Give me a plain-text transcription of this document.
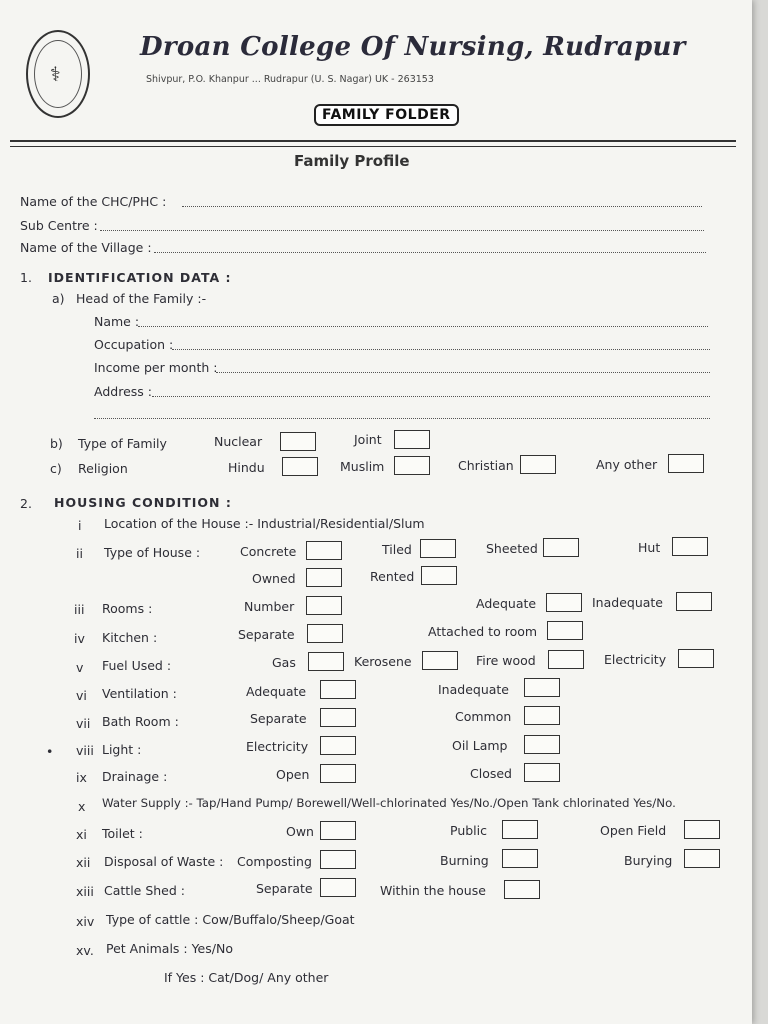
⚕
Droan College Of Nursing, Rudrapur
Shivpur, P.O. Khanpur ... Rudrapur (U. S. Nagar) UK - 263153
FAMILY FOLDER
Family Profile
Name of the CHC/PHC :
Sub Centre :
Name of the Village :
1. IDENTIFICATION DATA :
a) Head of the Family :-
Name :
Occupation :
Income per month :
Address :
b) Type of Family	Nuclear	Joint
c) Religion	Hindu	Muslim	Christian	Any other
2. HOUSING CONDITION :
i Location of the House :- Industrial/Residential/Slum
ii Type of House :	Concrete	Tiled	Sheeted	Hut
Owned	Rented
iii Rooms :	Number	Adequate	Inadequate
iv Kitchen :	Separate	Attached to room
v Fuel Used :	Gas	Kerosene	Fire wood	Electricity
vi Ventilation :	Adequate	Inadequate
vii Bath Room :	Separate	Common
• viii Light :	Electricity	Oil Lamp
ix Drainage :	Open	Closed
x Water Supply :- Tap/Hand Pump/ Borewell/Well-chlorinated Yes/No./Open Tank chlorinated Yes/No.
xi Toilet :	Own	Public	Open Field
xii Disposal of Waste : Composting	Burning	Burying
xiii Cattle Shed :	Separate	Within the house
xiv Type of cattle : Cow/Buffalo/Sheep/Goat
xv. Pet Animals : Yes/No
If Yes : Cat/Dog/ Any other
